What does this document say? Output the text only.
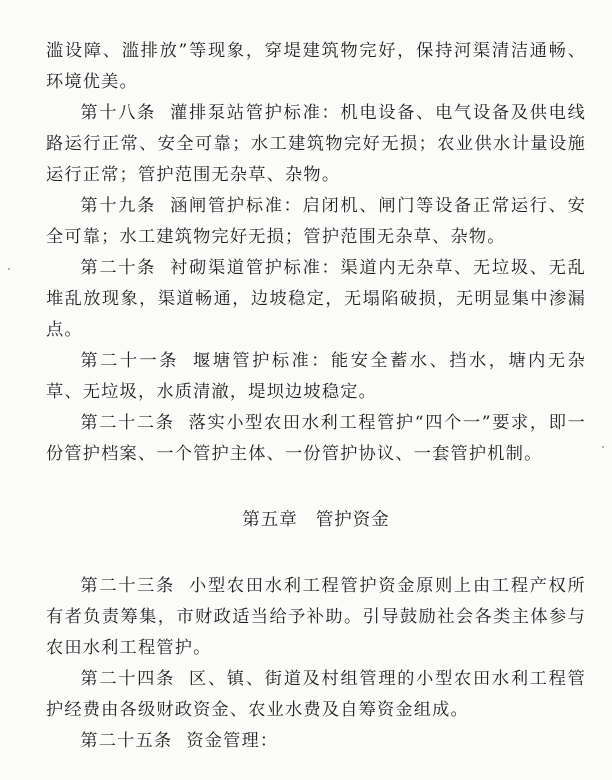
滥设障、滥排放”等现象，穿堤建筑物完好，保持河渠清洁通畅、环境优美。

第十八条 灌排泵站管护标准：机电设备、电气设备及供电线路运行正常、安全可靠；水工建筑物完好无损；农业供水计量设施运行正常；管护范围无杂草、杂物。

第十九条 涵闸管护标准：启闭机、闸门等设备正常运行、安全可靠；水工建筑物完好无损；管护范围无杂草、杂物。

第二十条 衬砌渠道管护标准：渠道内无杂草、无垃圾、无乱堆乱放现象，渠道畅通，边坡稳定，无塌陷破损，无明显集中渗漏点。

第二十一条 堰塘管护标准：能安全蓄水、挡水，塘内无杂草、无垃圾，水质清澈，堤坝边坡稳定。

第二十二条 落实小型农田水利工程管护“四个一”要求，即一份管护档案、一个管护主体、一份管护协议、一套管护机制。

第五章 管护资金

第二十三条 小型农田水利工程管护资金原则上由工程产权所有者负责筹集，市财政适当给予补助。引导鼓励社会各类主体参与农田水利工程管护。

第二十四条 区、镇、街道及村组管理的小型农田水利工程管护经费由各级财政资金、农业水费及自筹资金组成。

第二十五条 资金管理：
